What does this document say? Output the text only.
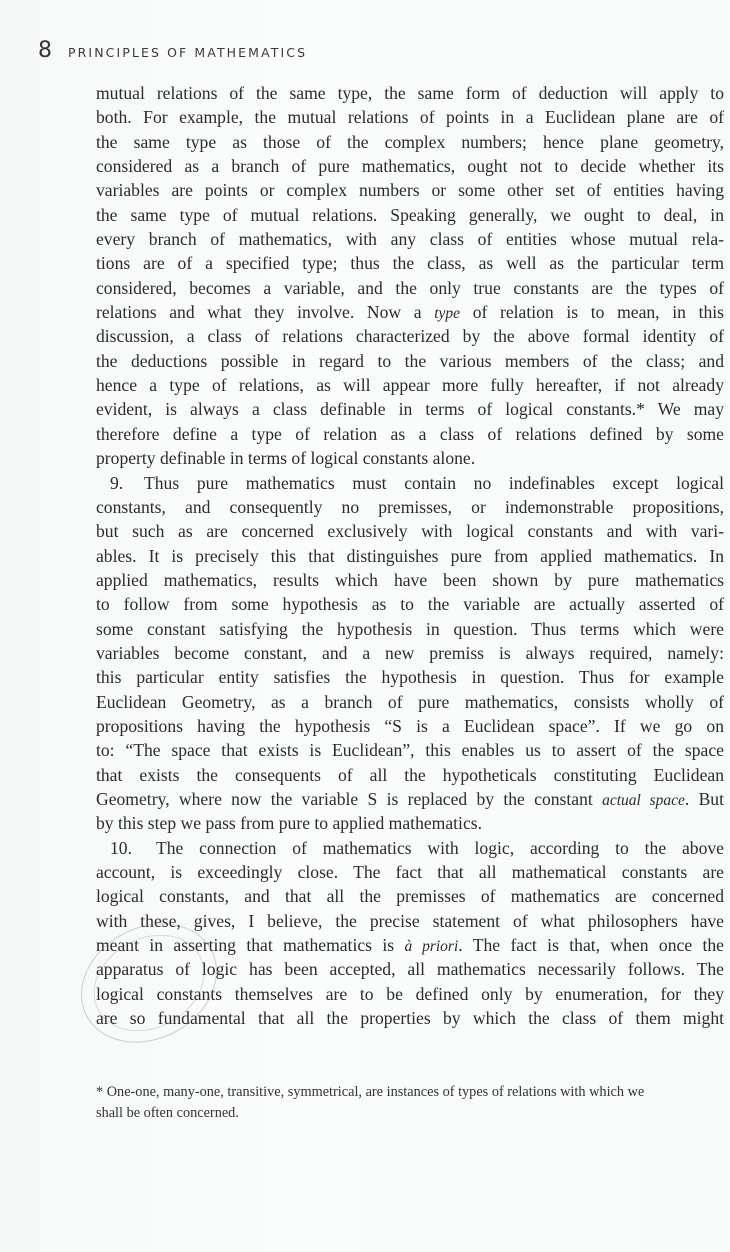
8	PRINCIPLES OF MATHEMATICS
mutual relations of the same type, the same form of deduction will apply to
both. For example, the mutual relations of points in a Euclidean plane are of
the same type as those of the complex numbers; hence plane geometry,
considered as a branch of pure mathematics, ought not to decide whether its
variables are points or complex numbers or some other set of entities having
the same type of mutual relations. Speaking generally, we ought to deal, in
every branch of mathematics, with any class of entities whose mutual rela-
tions are of a specified type; thus the class, as well as the particular term
considered, becomes a variable, and the only true constants are the types of
relations and what they involve. Now a type of relation is to mean, in this
discussion, a class of relations characterized by the above formal identity of
the deductions possible in regard to the various members of the class; and
hence a type of relations, as will appear more fully hereafter, if not already
evident, is always a class definable in terms of logical constants.* We may
therefore define a type of relation as a class of relations defined by some
property definable in terms of logical constants alone.
9. Thus pure mathematics must contain no indefinables except logical
constants, and consequently no premisses, or indemonstrable propositions,
but such as are concerned exclusively with logical constants and with vari-
ables. It is precisely this that distinguishes pure from applied mathematics. In
applied mathematics, results which have been shown by pure mathematics
to follow from some hypothesis as to the variable are actually asserted of
some constant satisfying the hypothesis in question. Thus terms which were
variables become constant, and a new premiss is always required, namely:
this particular entity satisfies the hypothesis in question. Thus for example
Euclidean Geometry, as a branch of pure mathematics, consists wholly of
propositions having the hypothesis “S is a Euclidean space”. If we go on
to: “The space that exists is Euclidean”, this enables us to assert of the space
that exists the consequents of all the hypotheticals constituting Euclidean
Geometry, where now the variable S is replaced by the constant actual space. But
by this step we pass from pure to applied mathematics.
10. The connection of mathematics with logic, according to the above
account, is exceedingly close. The fact that all mathematical constants are
logical constants, and that all the premisses of mathematics are concerned
with these, gives, I believe, the precise statement of what philosophers have
meant in asserting that mathematics is à priori. The fact is that, when once the
apparatus of logic has been accepted, all mathematics necessarily follows. The
logical constants themselves are to be defined only by enumeration, for they
are so fundamental that all the properties by which the class of them might
* One-one, many-one, transitive, symmetrical, are instances of types of relations with which we
shall be often concerned.
